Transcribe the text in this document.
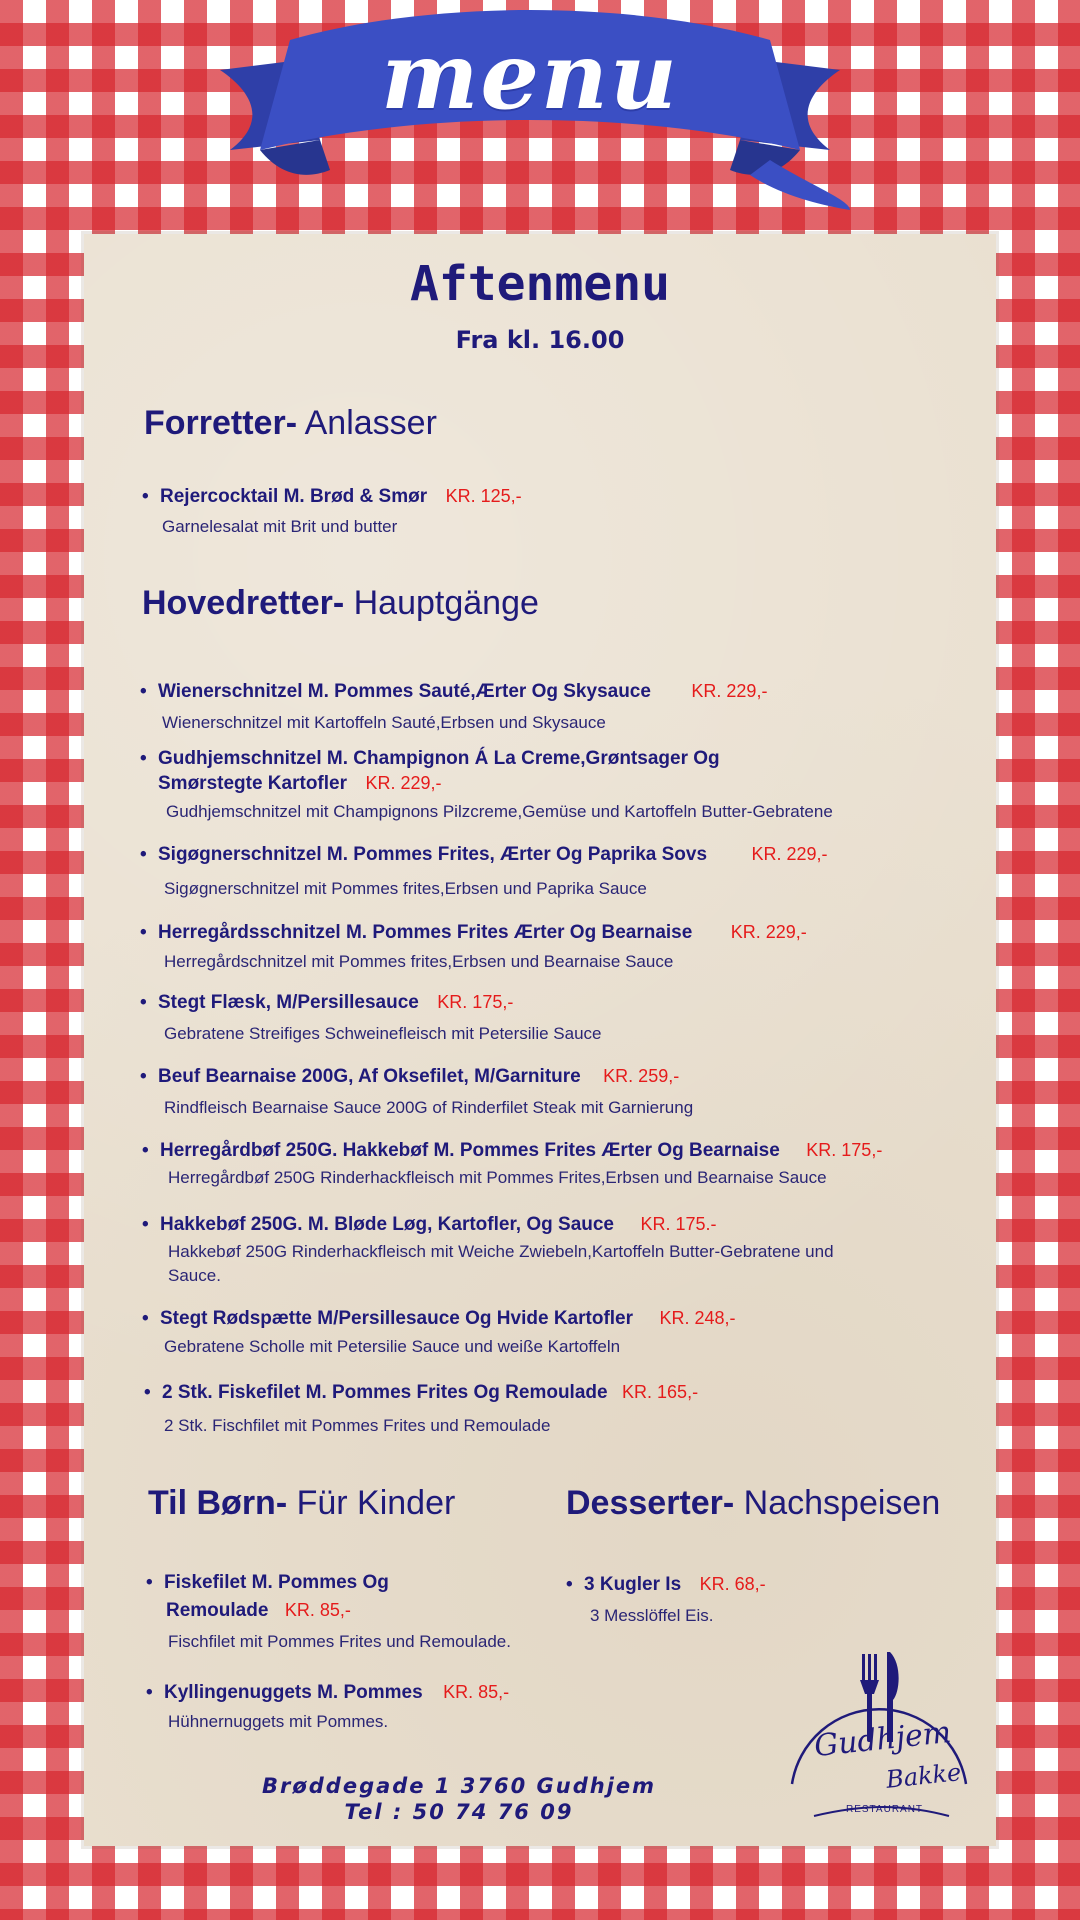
menu
Aftenmenu
Fra kl. 16.00
Forretter- Anlasser
• Rejercocktail M. Brød & Smør KR. 125,-
Garnelesalat mit Brit und butter
Hovedretter- Hauptgänge
• Wienerschnitzel M. Pommes Sauté,Ærter Og Skysauce KR. 229,-
Wienerschnitzel mit Kartoffeln Sauté,Erbsen und Skysauce
• Gudhjemschnitzel M. Champignon Á La Creme,Grøntsager Og
Smørstegte Kartofler KR. 229,-
Gudhjemschnitzel mit Champignons Pilzcreme,Gemüse und Kartoffeln Butter-Gebratene
• Sigøgnerschnitzel M. Pommes Frites, Ærter Og Paprika Sovs KR. 229,-
Sigøgnerschnitzel mit Pommes frites,Erbsen und Paprika Sauce
• Herregårdsschnitzel M. Pommes Frites Ærter Og Bearnaise KR. 229,-
Herregårdschnitzel mit Pommes frites,Erbsen und Bearnaise Sauce
• Stegt Flæsk, M/Persillesauce KR. 175,-
Gebratene Streifiges Schweinefleisch mit Petersilie Sauce
• Beuf Bearnaise 200G, Af Oksefilet, M/Garniture KR. 259,-
Rindfleisch Bearnaise Sauce 200G of Rinderfilet Steak mit Garnierung
• Herregårdbøf 250G. Hakkebøf M. Pommes Frites Ærter Og Bearnaise KR. 175,-
Herregårdbøf 250G Rinderhackfleisch mit Pommes Frites,Erbsen und Bearnaise Sauce
• Hakkebøf 250G. M. Bløde Løg, Kartofler, Og Sauce KR. 175.-
Hakkebøf 250G Rinderhackfleisch mit Weiche Zwiebeln,Kartoffeln Butter-Gebratene und
Sauce.
• Stegt Rødspætte M/Persillesauce Og Hvide Kartofler KR. 248,-
Gebratene Scholle mit Petersilie Sauce und weiße Kartoffeln
• 2 Stk. Fiskefilet M. Pommes Frites Og Remoulade KR. 165,-
2 Stk. Fischfilet mit Pommes Frites und Remoulade
Til Børn- Für Kinder
• Fiskefilet M. Pommes Og
Remoulade KR. 85,-
Fischfilet mit Pommes Frites und Remoulade.
• Kyllingenuggets M. Pommes KR. 85,-
Hühnernuggets mit Pommes.
Desserter- Nachspeisen
• 3 Kugler Is KR. 68,-
3 Messlöffel Eis.
Brøddegade 1 3760 Gudhjem
Tel : 50 74 76 09
Gudhjem
Bakke
RESTAURANT
